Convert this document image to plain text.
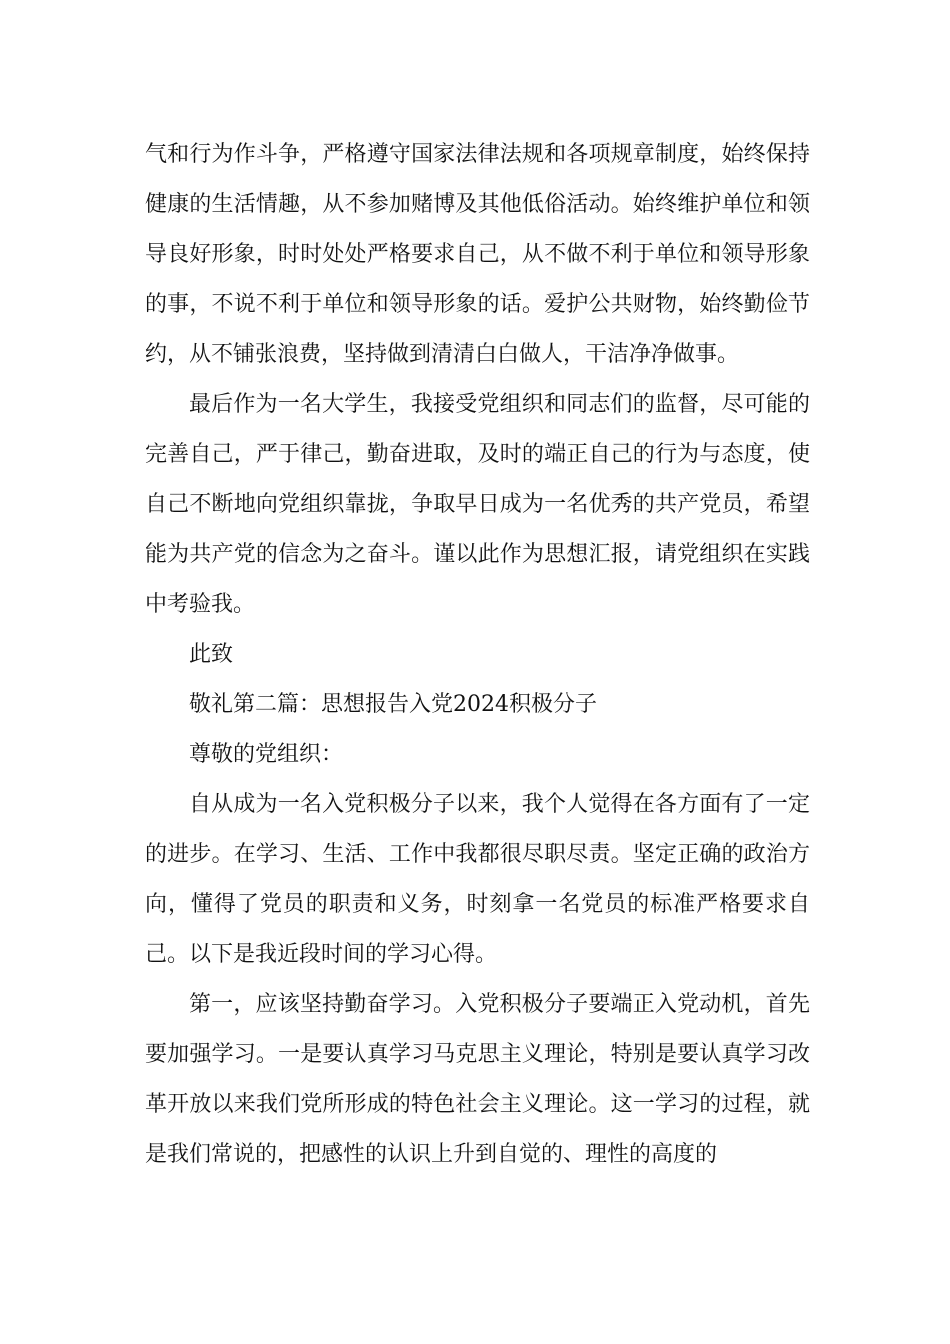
气和行为作斗争，严格遵守国家法律法规和各项规章制度，始终保持健康的生活情趣，从不参加赌博及其他低俗活动。始终维护单位和领导良好形象，时时处处严格要求自己，从不做不利于单位和领导形象的事，不说不利于单位和领导形象的话。爱护公共财物，始终勤俭节约，从不铺张浪费，坚持做到清清白白做人，干洁净净做事。

最后作为一名大学生，我接受党组织和同志们的监督，尽可能的完善自己，严于律己，勤奋进取，及时的端正自己的行为与态度，使自己不断地向党组织靠拢，争取早日成为一名优秀的共产党员，希望能为共产党的信念为之奋斗。谨以此作为思想汇报，请党组织在实践中考验我。

此致

敬礼第二篇：思想报告入党2024积极分子

尊敬的党组织：

自从成为一名入党积极分子以来，我个人觉得在各方面有了一定的进步。在学习、生活、工作中我都很尽职尽责。坚定正确的政治方向，懂得了党员的职责和义务，时刻拿一名党员的标准严格要求自己。以下是我近段时间的学习心得。

第一，应该坚持勤奋学习。入党积极分子要端正入党动机，首先要加强学习。一是要认真学习马克思主义理论，特别是要认真学习改革开放以来我们党所形成的特色社会主义理论。这一学习的过程，就是我们常说的，把感性的认识上升到自觉的、理性的高度的
